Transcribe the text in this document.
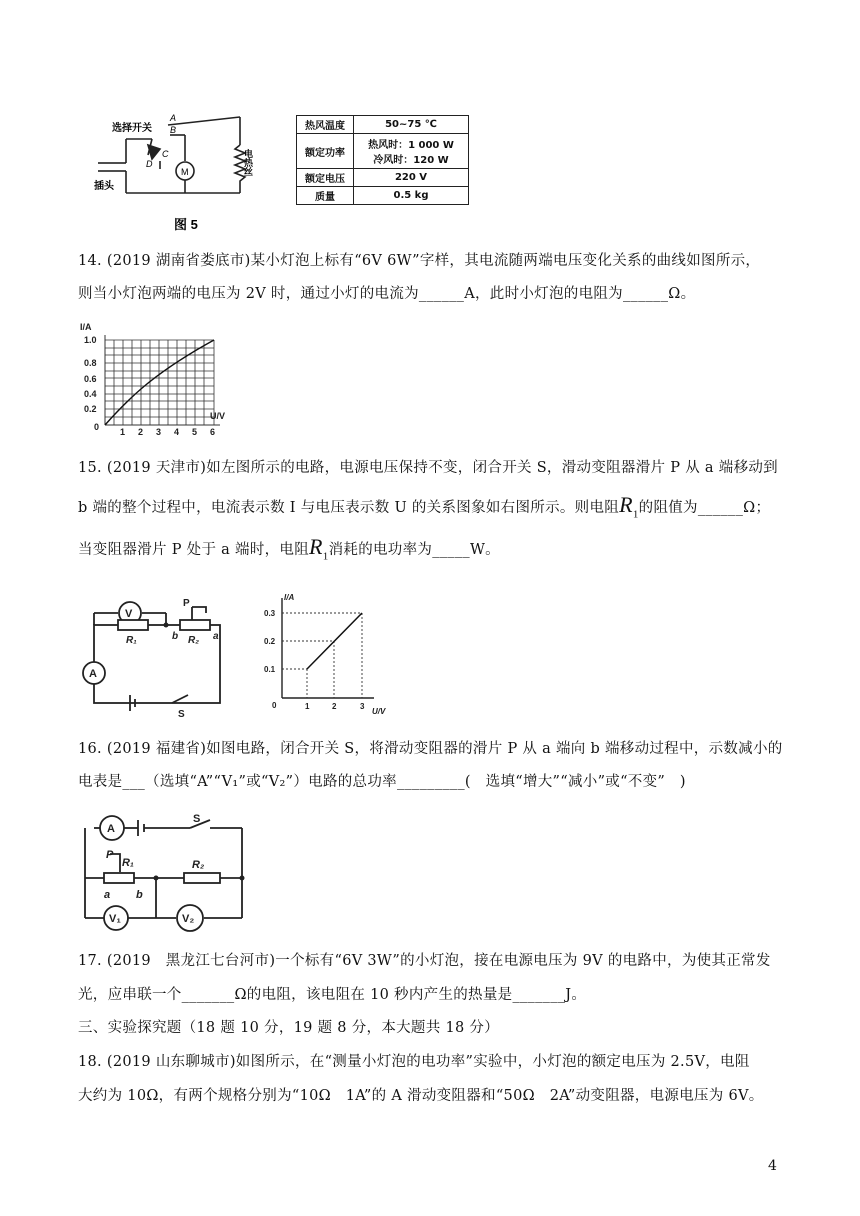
选择开关
插头
A
B
C
D
M	电热丝
图 5
热风温度	50~75 ℃
额定功率	热风时：1 000 W
冷风时：120 W

额定电压	220 V
质量	0.5 kg
14. (2019 湖南省娄底市)某小灯泡上标有“6V 6W”字样，其电流随两端电压变化关系的曲线如图所示，
则当小灯泡两端的电压为 2V 时，通过小灯的电流为______A，此时小灯泡的电阻为______Ω。
I/A
U/V
0
0.2
0.4
0.6
0.8
1.0
1 2 3 4 5 6
15. (2019 天津市)如左图所示的电路，电源电压保持不变，闭合开关 S，滑动变阻器滑片 P 从 a 端移动到
b 端的整个过程中，电流表示数 I 与电压表示数 U 的关系图象如右图所示。则电阻$R_1$的阻值为______Ω；
当变阻器滑片 P 处于 a 端时，电阻$R_1$消耗的电功率为_____W。
V
A
P
R₁	R₂
b	a
S
I/A
U/V
0
0.1
0.2
0.3
1	2	3
16. (2019 福建省)如图电路，闭合开关 S，将滑动变阻器的滑片 P 从 a 端向 b 端移动过程中，示数减小的
电表是___（选填“A”“V₁”或“V₂”）电路的总功率_________(　选填“增大”“减小”或“不变”　)
A
S
P
R₁	R₂
a b
V₁	V₂
17. (2019　黑龙江七台河市)一个标有“6V 3W”的小灯泡，接在电源电压为 9V 的电路中，为使其正常发
光，应串联一个_______Ω的电阻，该电阻在 10 秒内产生的热量是_______J。
三、实验探究题（18 题 10 分，19 题 8 分，本大题共 18 分）
18. (2019 山东聊城市)如图所示，在“测量小灯泡的电功率”实验中，小灯泡的额定电压为 2.5V，电阻
大约为 10Ω，有两个规格分别为“10Ω　1A”的 A 滑动变阻器和“50Ω　2A”动变阻器，电源电压为 6V。
4
